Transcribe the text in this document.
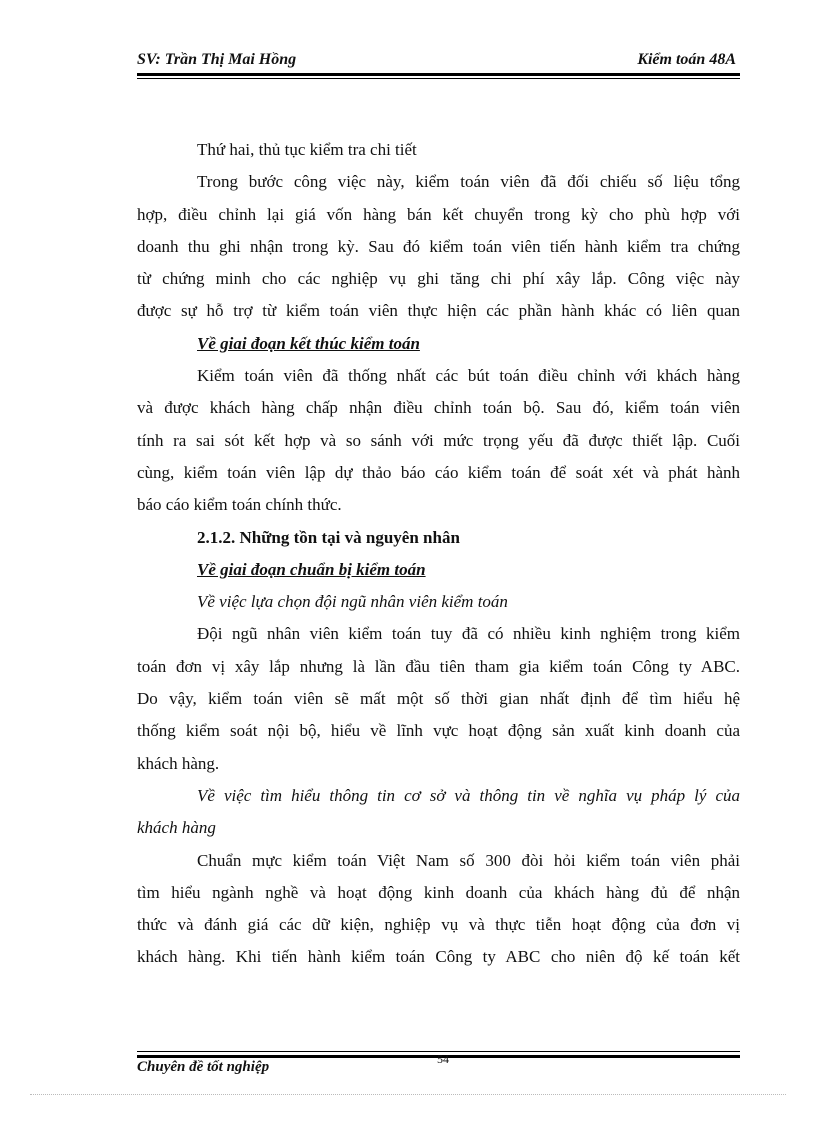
SV: Trần Thị Mai Hồng	Kiểm toán 48A
Thứ hai, thủ tục kiểm tra chi tiết
Trong bước công việc này, kiểm toán viên đã đối chiếu số liệu tổng
hợp, điều chỉnh lại giá vốn hàng bán kết chuyển trong kỳ cho phù hợp với
doanh thu ghi nhận trong kỳ. Sau đó kiểm toán viên tiến hành kiểm tra chứng
từ chứng minh cho các nghiệp vụ ghi tăng chi phí xây lắp. Công việc này
được sự hỗ trợ từ kiểm toán viên thực hiện các phần hành khác có liên quan
Về giai đoạn kết thúc kiểm toán
Kiểm toán viên đã thống nhất các bút toán điều chỉnh với khách hàng
và được khách hàng chấp nhận điều chỉnh toán bộ. Sau đó, kiểm toán viên
tính ra sai sót kết hợp và so sánh với mức trọng yếu đã được thiết lập. Cuối
cùng, kiểm toán viên lập dự thảo báo cáo kiểm toán để soát xét và phát hành
báo cáo kiểm toán chính thức.
2.1.2. Những tồn tại và nguyên nhân
Về giai đoạn chuẩn bị kiểm toán
Về việc lựa chọn đội ngũ nhân viên kiểm toán
Đội ngũ nhân viên kiểm toán tuy đã có nhiều kinh nghiệm trong kiểm
toán đơn vị xây lắp nhưng là lần đầu tiên tham gia kiểm toán Công ty ABC.
Do vậy, kiểm toán viên sẽ mất một số thời gian nhất định để tìm hiểu hệ
thống kiểm soát nội bộ, hiểu về lĩnh vực hoạt động sản xuất kinh doanh của
khách hàng.
Về việc tìm hiểu thông tin cơ sở và thông tin về nghĩa vụ pháp lý của
khách hàng
Chuẩn mực kiểm toán Việt Nam số 300 đòi hỏi kiểm toán viên phải
tìm hiểu ngành nghề và hoạt động kinh doanh của khách hàng đủ để nhận
thức và đánh giá các dữ kiện, nghiệp vụ và thực tiễn hoạt động của đơn vị
khách hàng. Khi tiến hành kiểm toán Công ty ABC cho niên độ kế toán kết
Chuyên đề tốt nghiệp	54
